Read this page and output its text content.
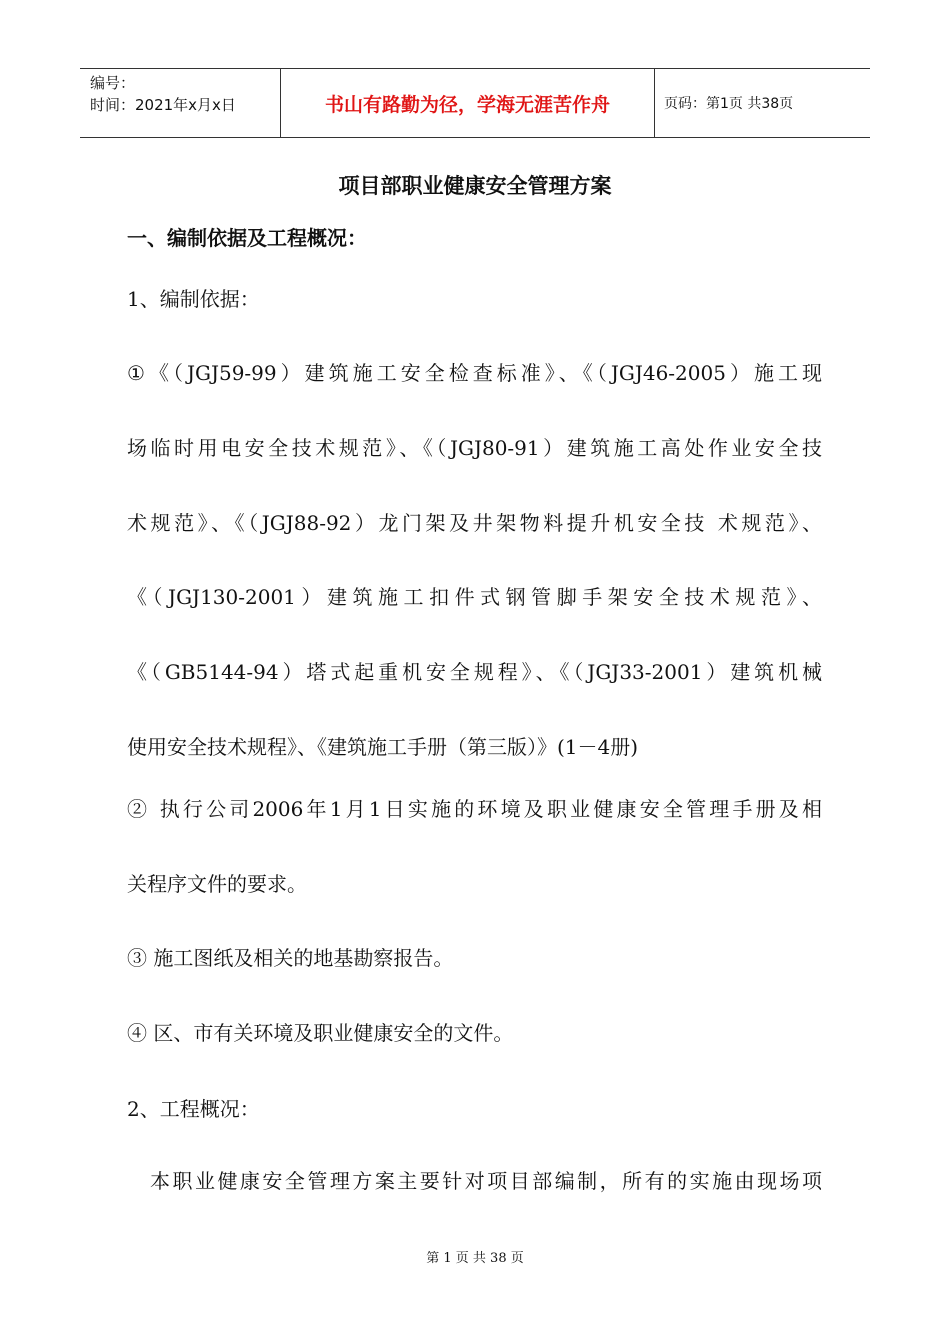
编号：
时间：2021年x月x日	书山有路勤为径，学海无涯苦作舟	页码：第1页 共38页
项目部职业健康安全管理方案
一、编制依据及工程概况：
1、编制依据：
①《（JGJ59-99）建筑施工安全检查标准》、《（JGJ46-2005）施工现
场临时用电安全技术规范》、《（JGJ80-91）建筑施工高处作业安全技
术规范》、《（JGJ88-92）龙门架及井架物料提升机安全技 术规范》、
《（JGJ130-2001）建筑施工扣件式钢管脚手架安全技术规范》、
《（GB5144-94）塔式起重机安全规程》、《（JGJ33-2001）建筑机械
使用安全技术规程》、《建筑施工手册（第三版）》(1－4册)
② 执行公司2006年1月1日实施的环境及职业健康安全管理手册及相
关程序文件的要求。
③ 施工图纸及相关的地基勘察报告。
④ 区、市有关环境及职业健康安全的文件。
2、工程概况：
本职业健康安全管理方案主要针对项目部编制，所有的实施由现场项
第 1 页 共 38 页
